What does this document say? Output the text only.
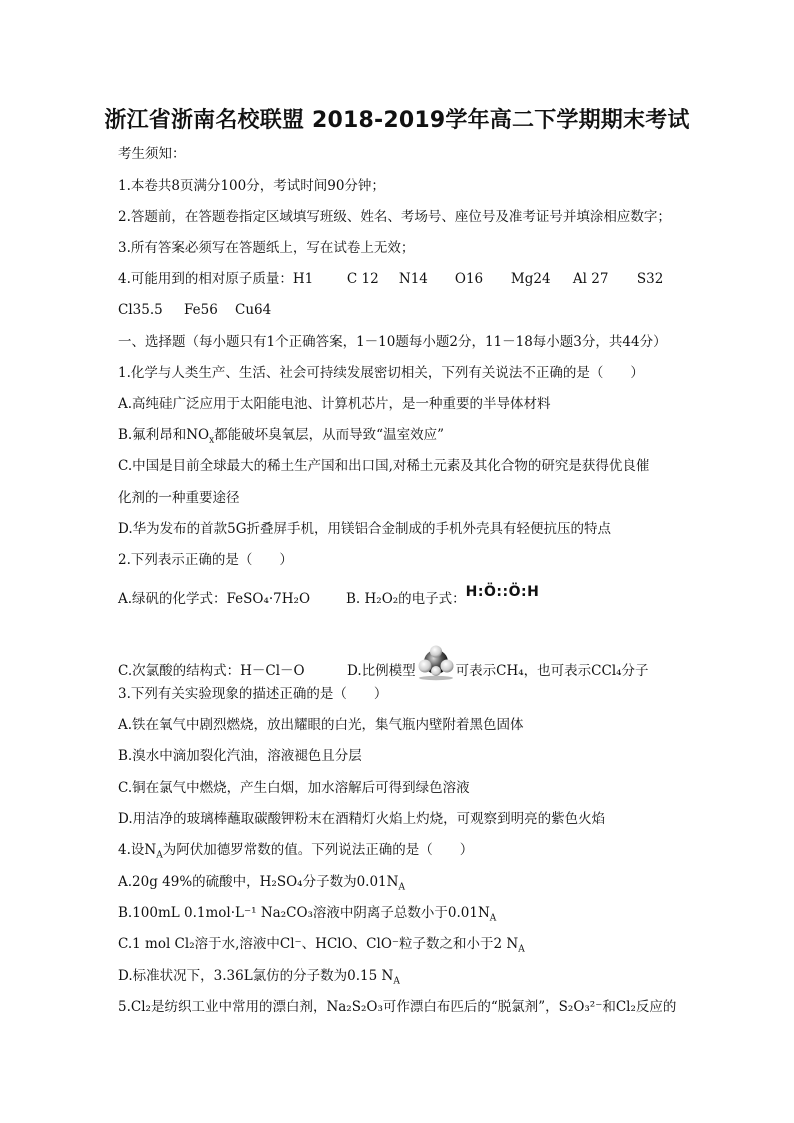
浙江省浙南名校联盟 2018-2019学年高二下学期期末考试
考生须知：
1.本卷共8页满分100分，考试时间90分钟；
2.答题前，在答题卷指定区域填写班级、姓名、考场号、座位号及准考证号并填涂相应数字；
3.所有答案必须写在答题纸上，写在试卷上无效；
4.可能用到的相对原子质量：H1 C 12 N14 O16 Mg24 Al 27 S32
Cl35.5 Fe56 Cu64
一、选择题（每小题只有1个正确答案，1－10题每小题2分，11－18每小题3分，共44分）
1.化学与人类生产、生活、社会可持续发展密切相关，下列有关说法不正确的是（　　）
A.高纯硅广泛应用于太阳能电池、计算机芯片，是一种重要的半导体材料
B.氟利昂和$NO_x$都能破坏臭氧层，从而导致“温室效应”
C.中国是目前全球最大的稀土生产国和出口国,对稀土元素及其化合物的研究是获得优良催
化剂的一种重要途径
D.华为发布的首款5G折叠屏手机，用镁铝合金制成的手机外壳具有轻便抗压的特点
2.下列表示正确的是（　　）
A.绿矾的化学式：FeSO₄·7H₂O	B. H₂O₂的电子式：H:Ö::Ö:H
C.次氯酸的结构式：H－Cl－O	D.比例模型	可表示CH₄，也可表示CCl₄分子
3.下列有关实验现象的描述正确的是（　　）
A.铁在氧气中剧烈燃烧，放出耀眼的白光，集气瓶内壁附着黑色固体
B.溴水中滴加裂化汽油，溶液褪色且分层
C.铜在氯气中燃烧，产生白烟，加水溶解后可得到绿色溶液
D.用洁净的玻璃棒蘸取碳酸钾粉末在酒精灯火焰上灼烧，可观察到明亮的紫色火焰
4.设$N_A$为阿伏加德罗常数的值。下列说法正确的是（　　）
A.20g 49%的硫酸中，H₂SO₄分子数为$0.01N_A$
B.100mL 0.1mol·L⁻¹ Na₂CO₃溶液中阴离子总数小于$0.01N_A$
C.1 mol Cl₂溶于水,溶液中Cl⁻、HClO、ClO⁻粒子数之和小于2 $N_A$
D.标准状况下，3.36L氯仿的分子数为0.15 $N_A$
5.Cl₂是纺织工业中常用的漂白剂，Na₂S₂O₃可作漂白布匹后的“脱氯剂”，S₂O₃²⁻和Cl₂反应的
